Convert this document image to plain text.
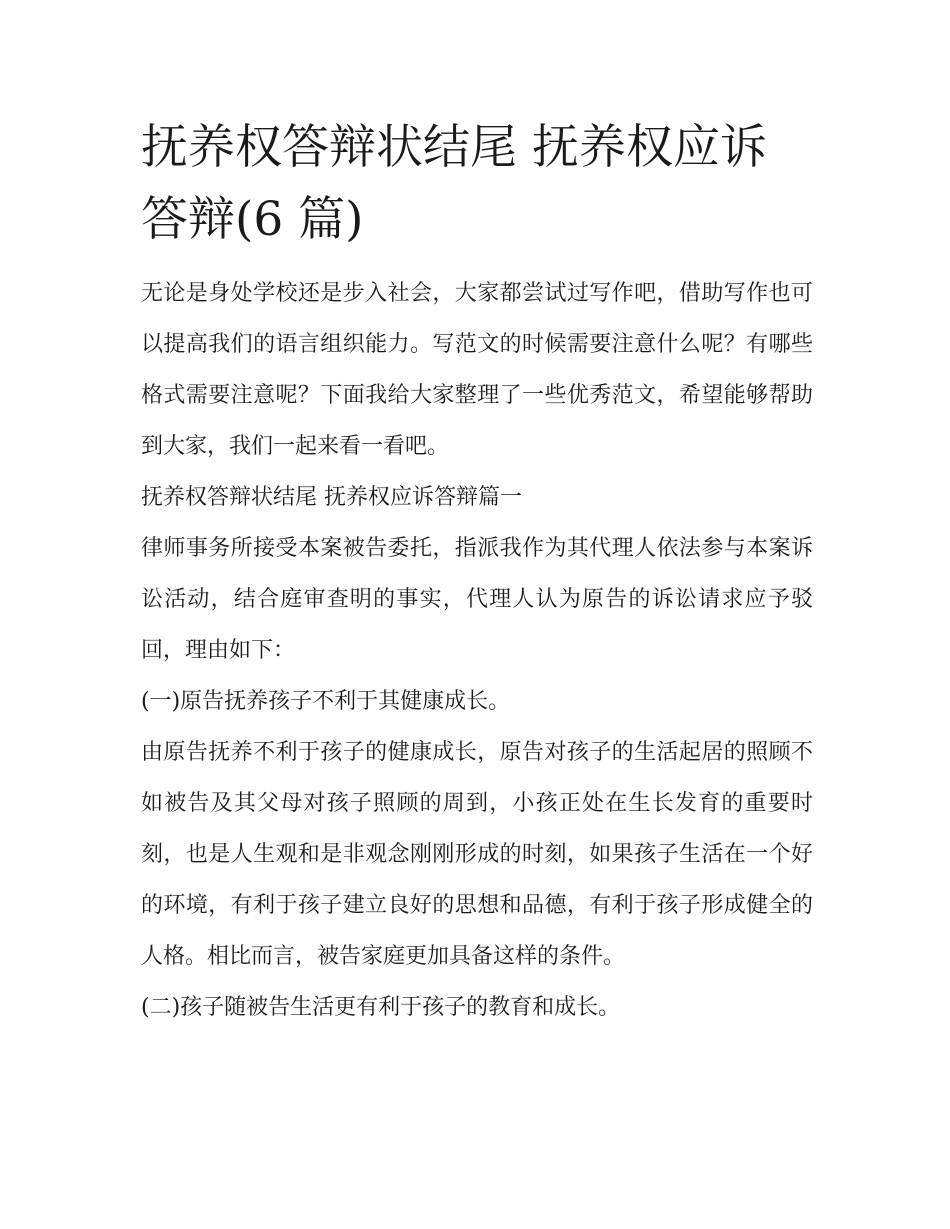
抚养权答辩状结尾 抚养权应诉答辩(6 篇)

无论是身处学校还是步入社会，大家都尝试过写作吧，借助写作也可以提高我们的语言组织能力。写范文的时候需要注意什么呢？有哪些格式需要注意呢？下面我给大家整理了一些优秀范文，希望能够帮助到大家，我们一起来看一看吧。

抚养权答辩状结尾 抚养权应诉答辩篇一

律师事务所接受本案被告委托，指派我作为其代理人依法参与本案诉讼活动，结合庭审查明的事实，代理人认为原告的诉讼请求应予驳回，理由如下：

(一)原告抚养孩子不利于其健康成长。

由原告抚养不利于孩子的健康成长，原告对孩子的生活起居的照顾不如被告及其父母对孩子照顾的周到，小孩正处在生长发育的重要时刻，也是人生观和是非观念刚刚形成的时刻，如果孩子生活在一个好的环境，有利于孩子建立良好的思想和品德，有利于孩子形成健全的人格。相比而言，被告家庭更加具备这样的条件。

(二)孩子随被告生活更有利于孩子的教育和成长。
